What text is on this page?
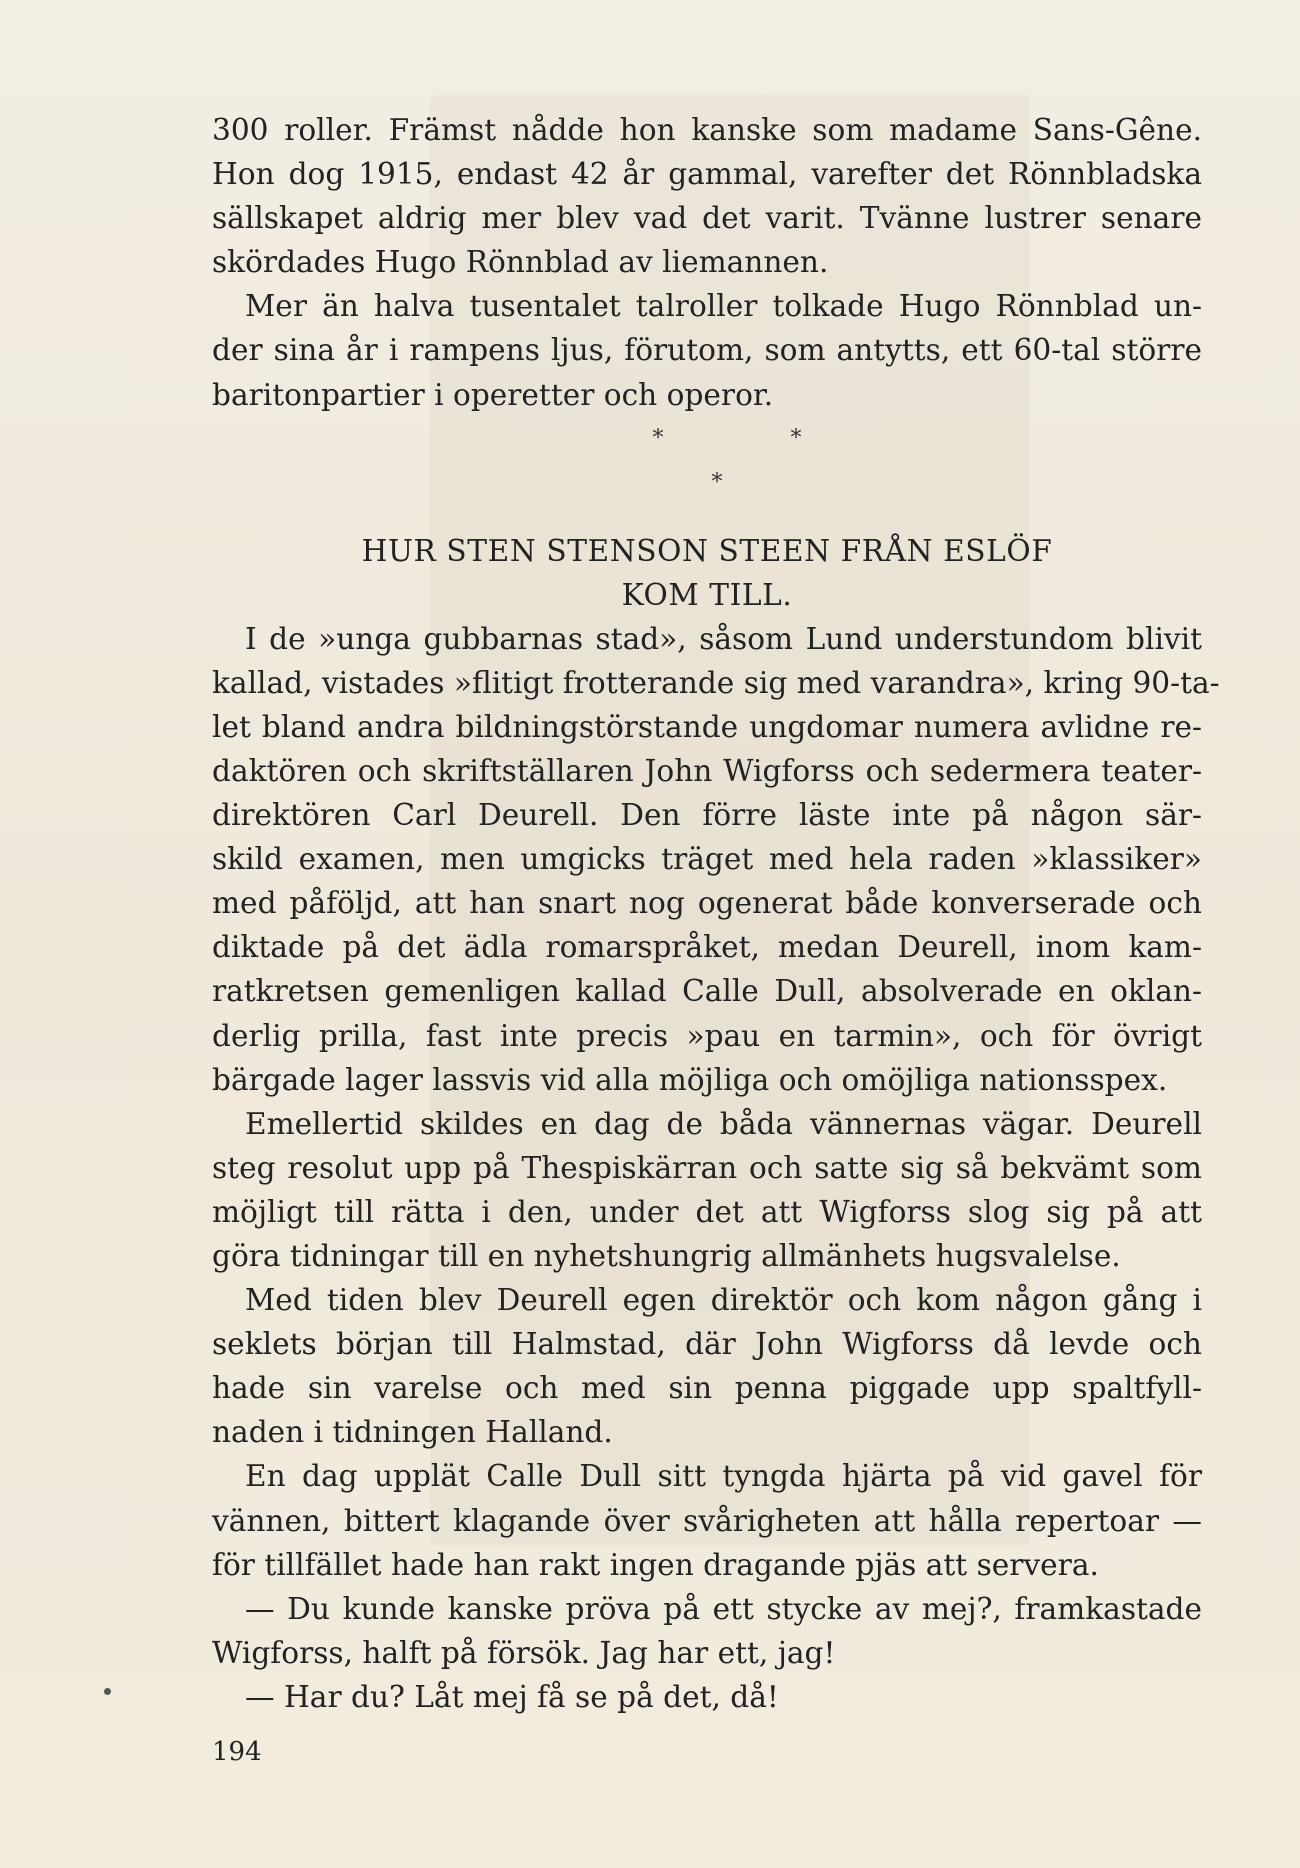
300 roller. Främst nådde hon kanske som madame Sans-Gêne.
Hon dog 1915, endast 42 år gammal, varefter det Rönnbladska
sällskapet aldrig mer blev vad det varit. Tvänne lustrer senare
skördades Hugo Rönnblad av liemannen.
Mer än halva tusentalet talroller tolkade Hugo Rönnblad un-
der sina år i rampens ljus, förutom, som antytts, ett 60-tal större
baritonpartier i operetter och operor.
* *
*
HUR STEN STENSON STEEN FRÅN ESLÖF
KOM TILL.
I de »unga gubbarnas stad», såsom Lund understundom blivit
kallad, vistades »flitigt frotterande sig med varandra», kring 90-ta-
let bland andra bildningstörstande ungdomar numera avlidne re-
daktören och skriftställaren John Wigforss och sedermera teater-
direktören Carl Deurell. Den förre läste inte på någon sär-
skild examen, men umgicks träget med hela raden »klassiker»
med påföljd, att han snart nog ogenerat både konverserade och
diktade på det ädla romarspråket, medan Deurell, inom kam-
ratkretsen gemenligen kallad Calle Dull, absolverade en oklan-
derlig prilla, fast inte precis »pau en tarmin», och för övrigt
bärgade lager lassvis vid alla möjliga och omöjliga nationsspex.
Emellertid skildes en dag de båda vännernas vägar. Deurell
steg resolut upp på Thespiskärran och satte sig så bekvämt som
möjligt till rätta i den, under det att Wigforss slog sig på att
göra tidningar till en nyhetshungrig allmänhets hugsvalelse.
Med tiden blev Deurell egen direktör och kom någon gång i
seklets början till Halmstad, där John Wigforss då levde och
hade sin varelse och med sin penna piggade upp spaltfyll-
naden i tidningen Halland.
En dag upplät Calle Dull sitt tyngda hjärta på vid gavel för
vännen, bittert klagande över svårigheten att hålla repertoar —
för tillfället hade han rakt ingen dragande pjäs att servera.
— Du kunde kanske pröva på ett stycke av mej?, framkastade
Wigforss, halft på försök. Jag har ett, jag!
— Har du? Låt mej få se på det, då!
194
